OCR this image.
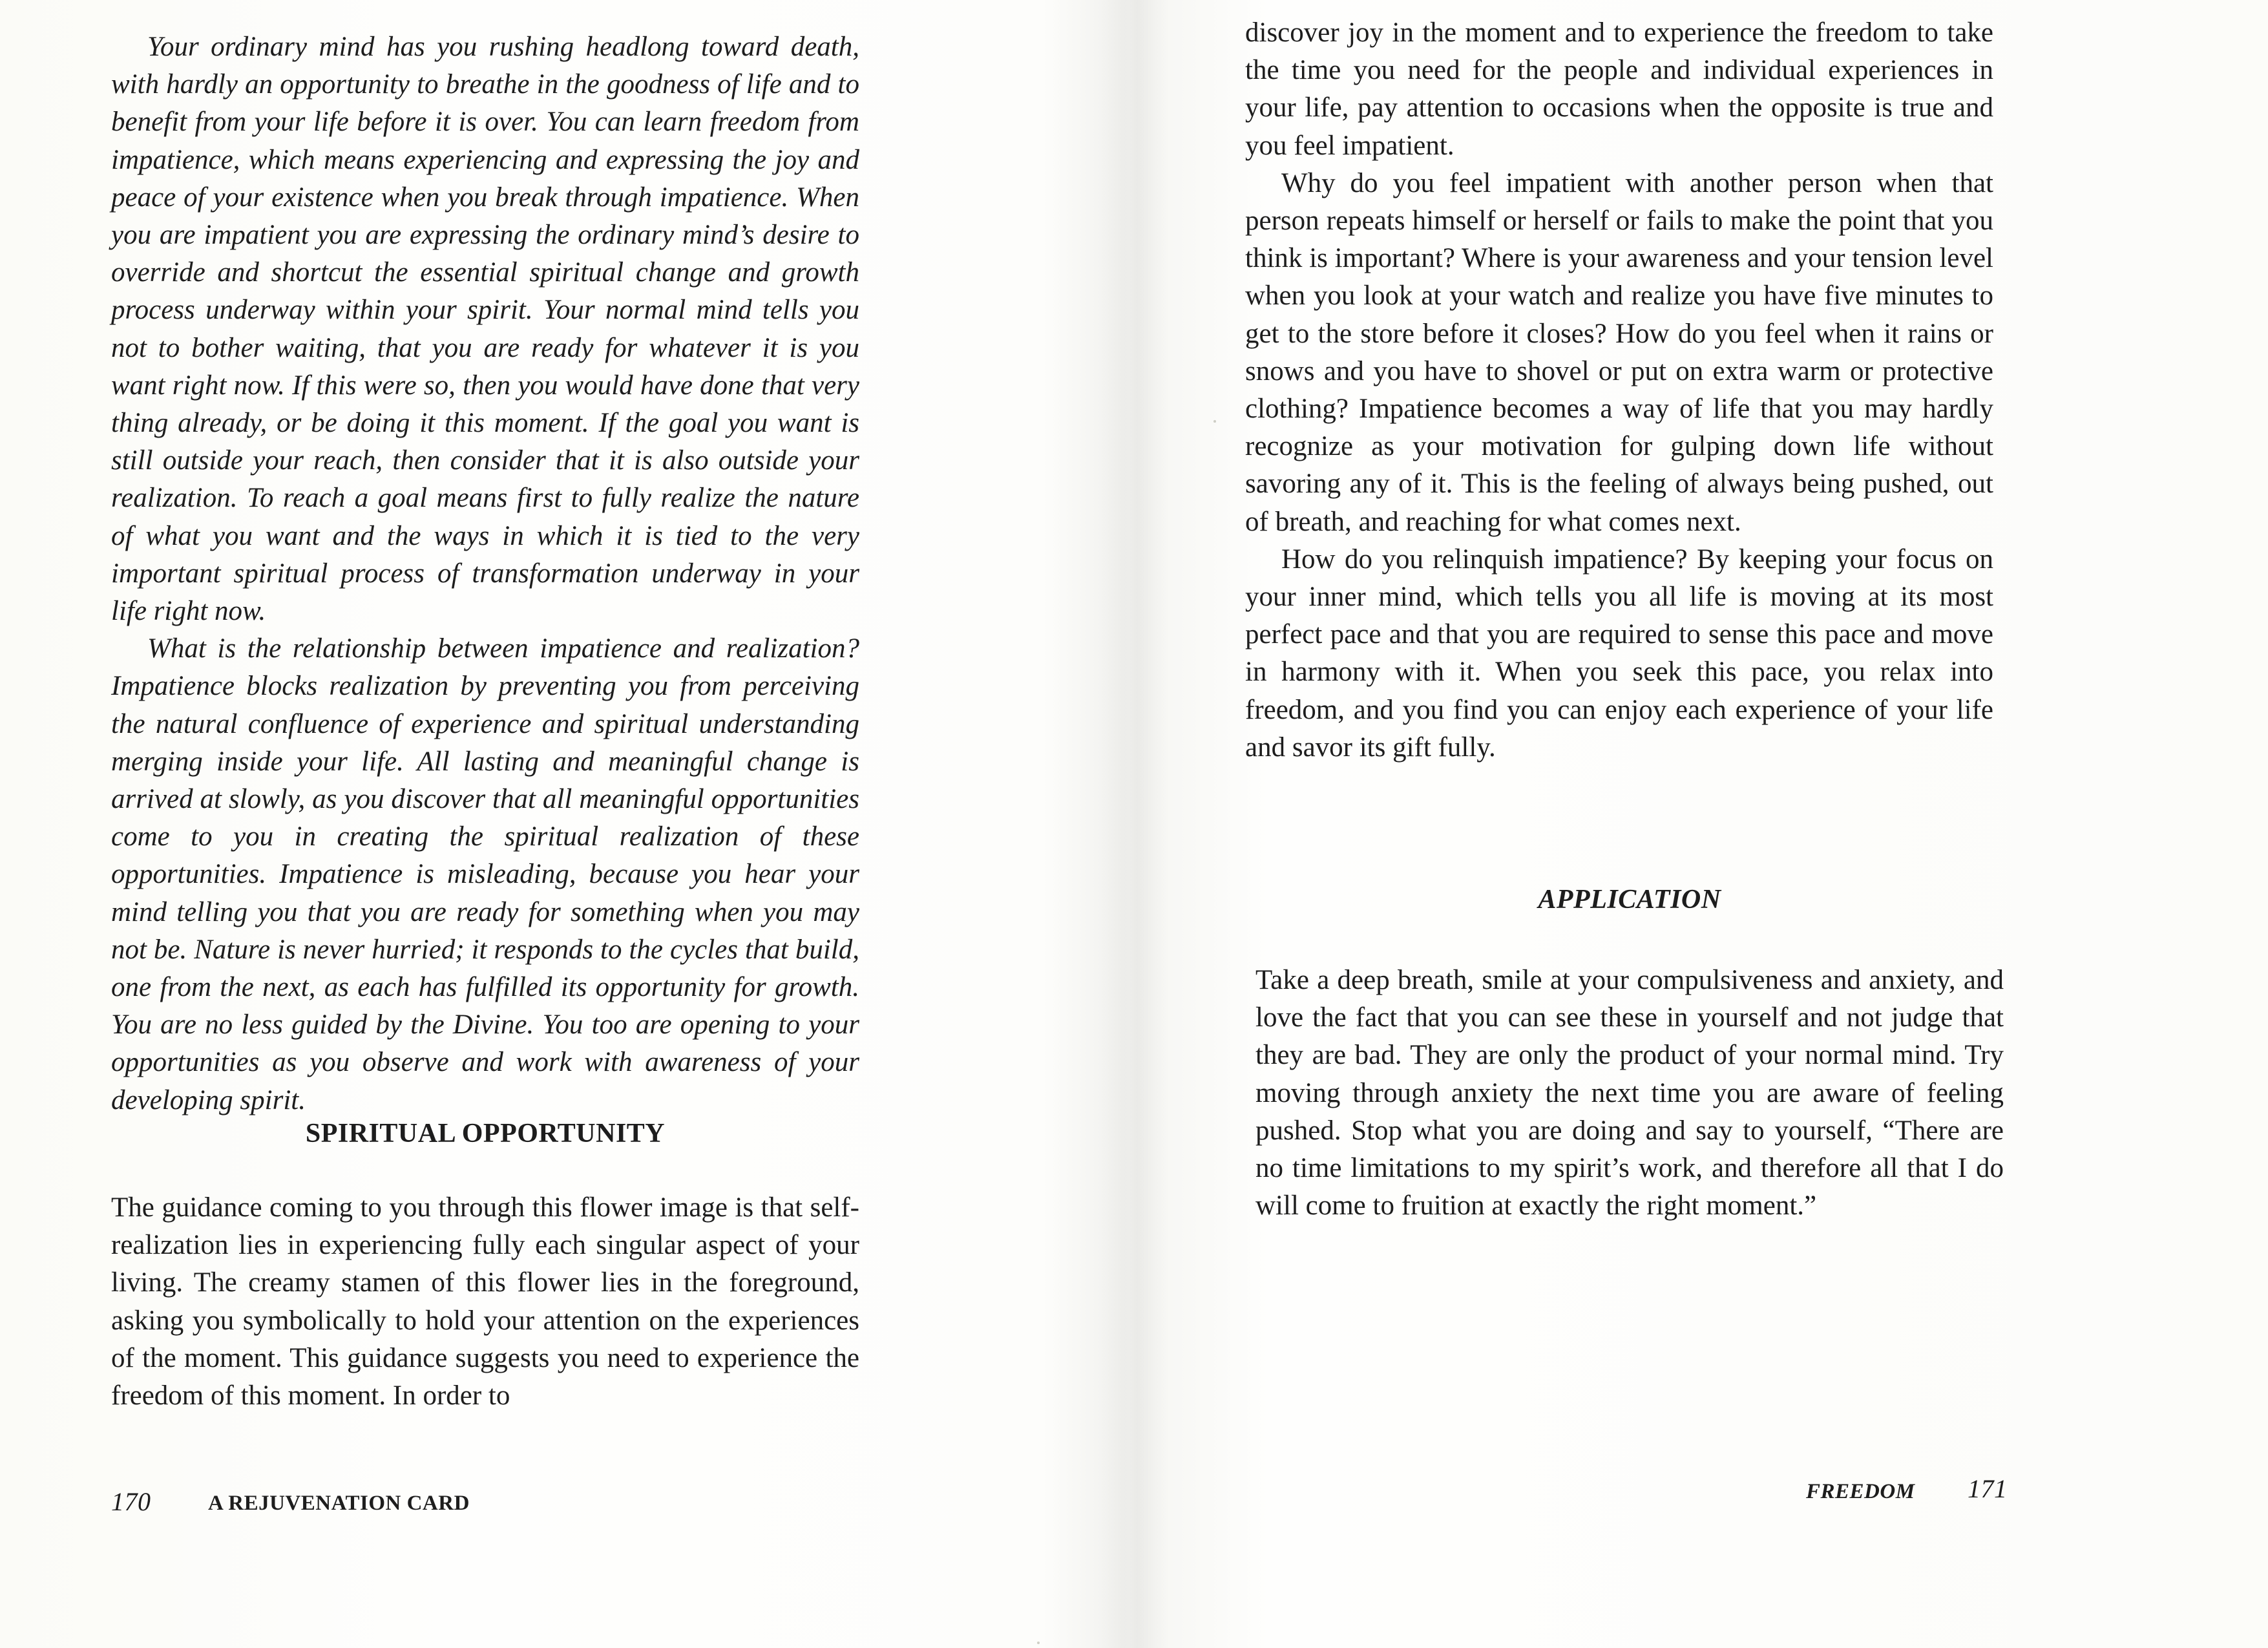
Your ordinary mind has you rushing headlong toward death, with hardly an opportunity to breathe in the goodness of life and to benefit from your life before it is over. You can learn freedom from impatience, which means experiencing and expressing the joy and peace of your existence when you break through impatience. When you are impatient you are expressing the ordinary mind’s desire to override and shortcut the essential spiritual change and growth process underway within your spirit. Your normal mind tells you not to bother waiting, that you are ready for whatever it is you want right now. If this were so, then you would have done that very thing already, or be doing it this moment. If the goal you want is still outside your reach, then consider that it is also outside your realization. To reach a goal means first to fully realize the nature of what you want and the ways in which it is tied to the very important spiritual process of transformation underway in your life right now.

What is the relationship between impatience and realization? Impatience blocks realization by preventing you from perceiving the natural confluence of experience and spiritual understanding merging inside your life. All lasting and meaningful change is arrived at slowly, as you discover that all meaningful opportunities come to you in creating the spiritual realization of these opportunities. Impatience is misleading, because you hear your mind telling you that you are ready for something when you may not be. Nature is never hurried; it responds to the cycles that build, one from the next, as each has fulfilled its opportunity for growth. You are no less guided by the Divine. You too are opening to your opportunities as you observe and work with awareness of your developing spirit.

SPIRITUAL OPPORTUNITY

The guidance coming to you through this flower image is that self-realization lies in experiencing fully each singular aspect of your living. The creamy stamen of this flower lies in the foreground, asking you symbolically to hold your attention on the experiences of the moment. This guidance suggests you need to experience the freedom of this moment. In order to

170	A REJUVENATION CARD

discover joy in the moment and to experience the freedom to take the time you need for the people and individual experiences in your life, pay attention to occasions when the opposite is true and you feel impatient.

Why do you feel impatient with another person when that person repeats himself or herself or fails to make the point that you think is important? Where is your awareness and your tension level when you look at your watch and realize you have five minutes to get to the store before it closes? How do you feel when it rains or snows and you have to shovel or put on extra warm or protective clothing? Impatience becomes a way of life that you may hardly recognize as your motivation for gulping down life without savoring any of it. This is the feeling of always being pushed, out of breath, and reaching for what comes next.

How do you relinquish impatience? By keeping your focus on your inner mind, which tells you all life is moving at its most perfect pace and that you are required to sense this pace and move in harmony with it. When you seek this pace, you relax into freedom, and you find you can enjoy each experience of your life and savor its gift fully.

APPLICATION

Take a deep breath, smile at your compulsiveness and anxiety, and love the fact that you can see these in yourself and not judge that they are bad. They are only the product of your normal mind. Try moving through anxiety the next time you are aware of feeling pushed. Stop what you are doing and say to yourself, “There are no time limitations to my spirit’s work, and therefore all that I do will come to fruition at exactly the right moment.”

FREEDOM 171
